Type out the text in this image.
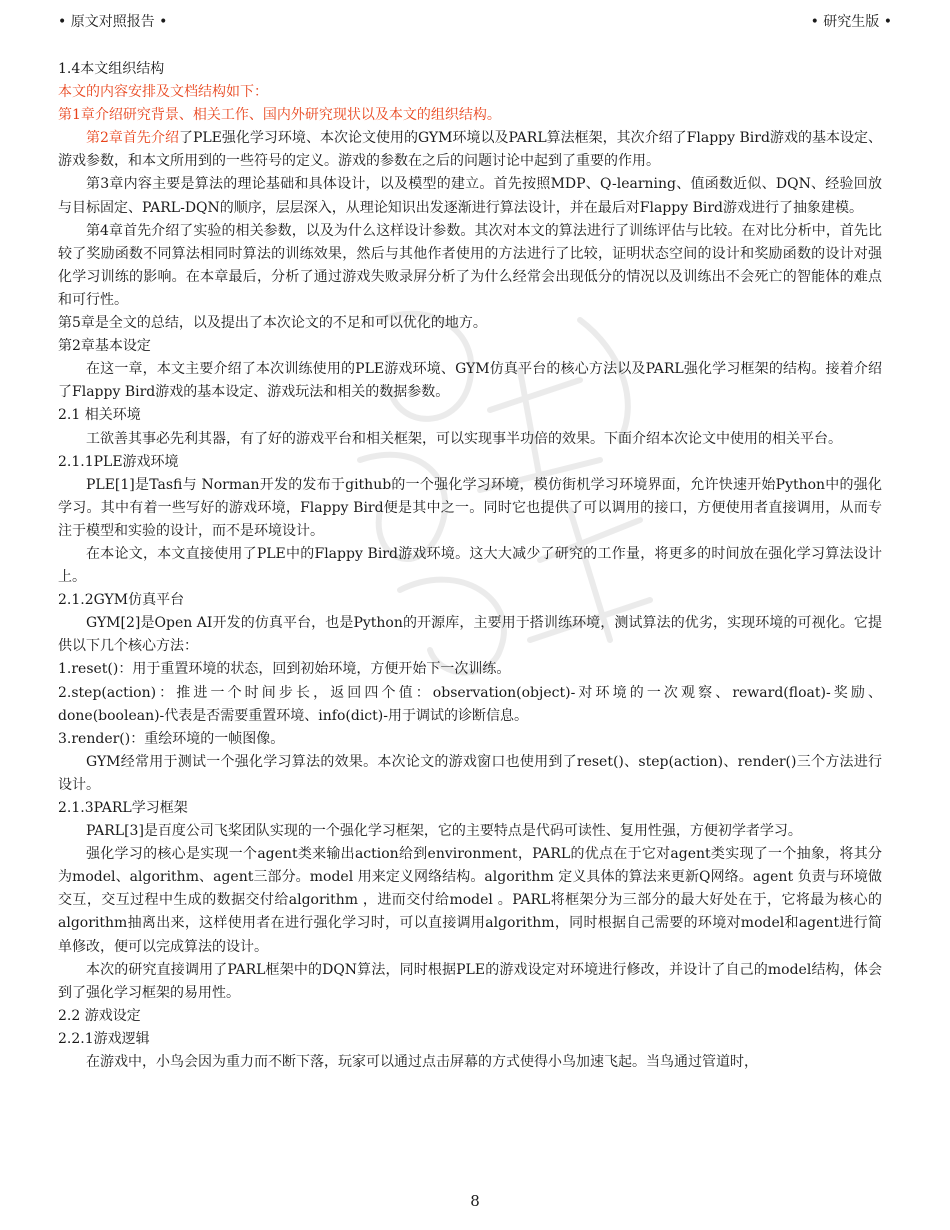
• 原文对照报告 •	• 研究生版 •

1.4本文组织结构

本文的内容安排及文档结构如下：

第1章介绍研究背景、相关工作、国内外研究现状以及本文的组织结构。

第2章首先介绍了PLE强化学习环境、本次论文使用的GYM环境以及PARL算法框架，其次介绍了Flappy Bird游戏的基本设定、游戏参数，和本文所用到的一些符号的定义。游戏的参数在之后的问题讨论中起到了重要的作用。

第3章内容主要是算法的理论基础和具体设计，以及模型的建立。首先按照MDP、Q-learning、值函数近似、DQN、经验回放与目标固定、PARL-DQN的顺序，层层深入，从理论知识出发逐渐进行算法设计，并在最后对Flappy Bird游戏进行了抽象建模。

第4章首先介绍了实验的相关参数，以及为什么这样设计参数。其次对本文的算法进行了训练评估与比较。在对比分析中，首先比较了奖励函数不同算法相同时算法的训练效果，然后与其他作者使用的方法进行了比较，证明状态空间的设计和奖励函数的设计对强化学习训练的影响。在本章最后，分析了通过游戏失败录屏分析了为什么经常会出现低分的情况以及训练出不会死亡的智能体的难点和可行性。

第5章是全文的总结，以及提出了本次论文的不足和可以优化的地方。

第2章基本设定

在这一章，本文主要介绍了本次训练使用的PLE游戏环境、GYM仿真平台的核心方法以及PARL强化学习框架的结构。接着介绍了Flappy Bird游戏的基本设定、游戏玩法和相关的数据参数。

2.1 相关环境

工欲善其事必先利其器，有了好的游戏平台和相关框架，可以实现事半功倍的效果。下面介绍本次论文中使用的相关平台。

2.1.1PLE游戏环境

PLE[1]是Tasfi与 Norman开发的发布于github的一个强化学习环境，模仿街机学习环境界面，允许快速开始Python中的强化学习。其中有着一些写好的游戏环境，Flappy Bird便是其中之一。同时它也提供了可以调用的接口，方便使用者直接调用，从而专注于模型和实验的设计，而不是环境设计。

在本论文，本文直接使用了PLE中的Flappy Bird游戏环境。这大大减少了研究的工作量，将更多的时间放在强化学习算法设计上。

2.1.2GYM仿真平台

GYM[2]是Open AI开发的仿真平台，也是Python的开源库，主要用于搭训练环境，测试算法的优劣，实现环境的可视化。它提供以下几个核心方法：

1.reset()：用于重置环境的状态，回到初始环境，方便开始下一次训练。

2.step(action)：推进一个时间步长，返回四个值：observation(object)-对环境的一次观察、reward(float)-奖励、done(boolean)-代表是否需要重置环境、info(dict)-用于调试的诊断信息。

3.render()：重绘环境的一帧图像。

GYM经常用于测试一个强化学习算法的效果。本次论文的游戏窗口也使用到了reset()、step(action)、render()三个方法进行设计。

2.1.3PARL学习框架

PARL[3]是百度公司飞桨团队实现的一个强化学习框架，它的主要特点是代码可读性、复用性强，方便初学者学习。

强化学习的核心是实现一个agent类来输出action给到environment，PARL的优点在于它对agent类实现了一个抽象，将其分为model、algorithm、agent三部分。model 用来定义网络结构。algorithm 定义具体的算法来更新Q网络。agent 负责与环境做交互，交互过程中生成的数据交付给algorithm ，进而交付给model 。PARL将框架分为三部分的最大好处在于，它将最为核心的algorithm抽离出来，这样使用者在进行强化学习时，可以直接调用algorithm，同时根据自己需要的环境对model和agent进行简单修改，便可以完成算法的设计。

本次的研究直接调用了PARL框架中的DQN算法，同时根据PLE的游戏设定对环境进行修改，并设计了自己的model结构，体会到了强化学习框架的易用性。

2.2 游戏设定

2.2.1游戏逻辑

在游戏中，小鸟会因为重力而不断下落，玩家可以通过点击屏幕的方式使得小鸟加速飞起。当鸟通过管道时，

8
